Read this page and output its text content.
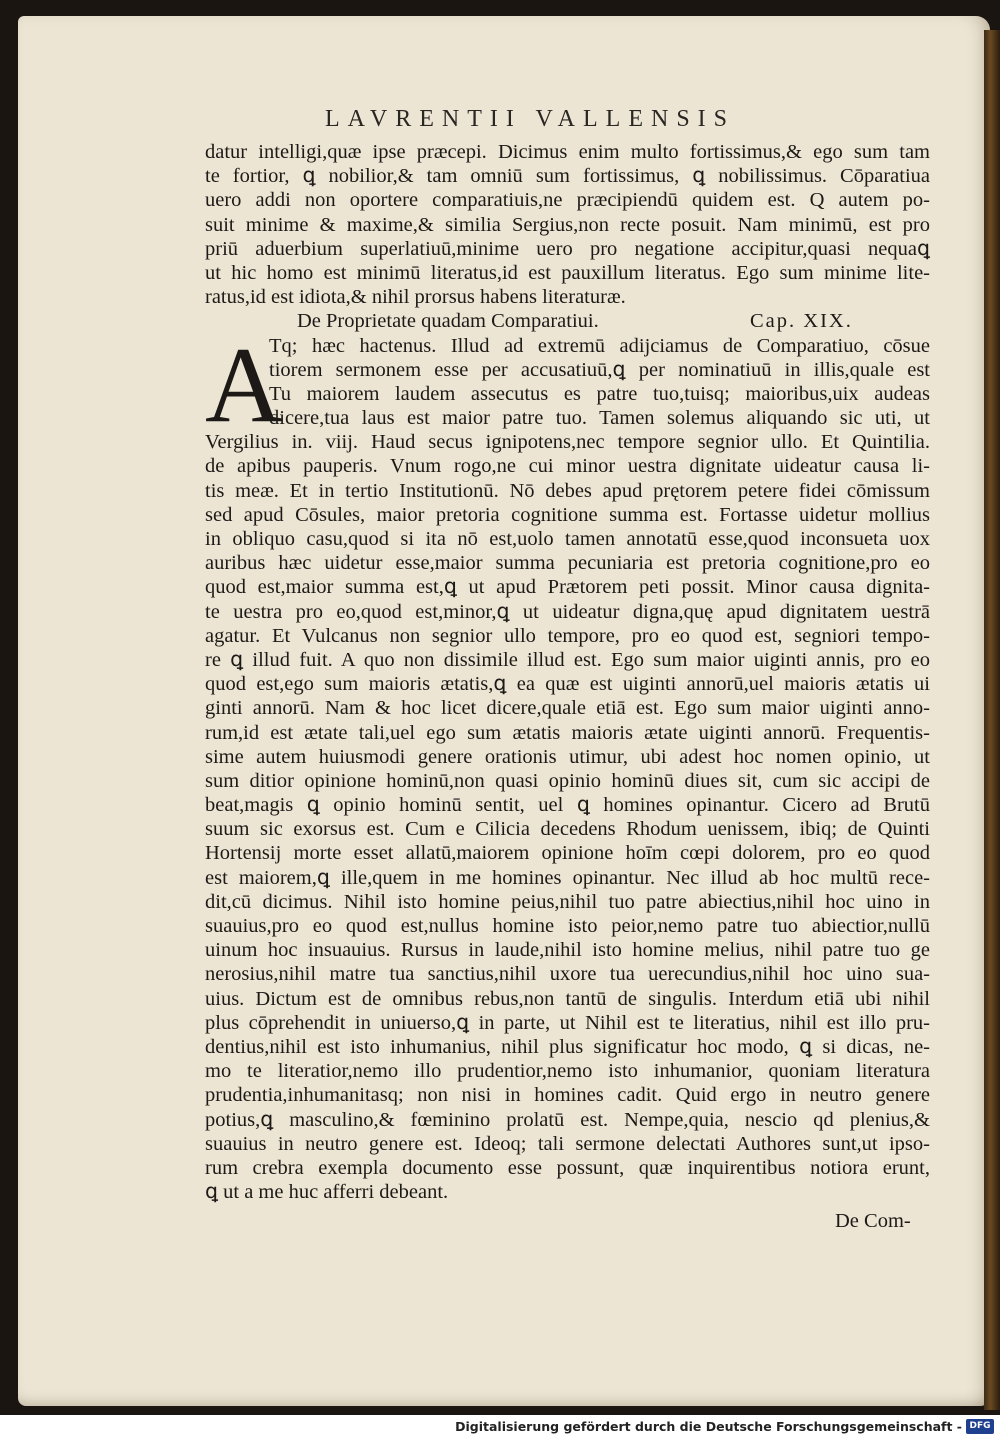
LAVRENTII VALLENSIS
datur intelligi,quæ ipse præcepi. Dicimus enim multo fortissimus,& ego sum tam
te fortior, ꝗ nobilior,& tam omniū sum fortissimus, ꝗ nobilissimus. Cōparatiua
uero addi non oportere comparatiuis,ne præcipiendū quidem est. Q autem po-
suit minime & maxime,& similia Sergius,non recte posuit. Nam minimū, est pro
priū aduerbium superlatiuū,minime uero pro negatione accipitur,quasi nequaꝗ
ut hic homo est minimū literatus,id est pauxillum literatus. Ego sum minime lite-
ratus,id est idiota,& nihil prorsus habens literaturæ.
De Proprietate quadam Comparatiui.	Cap. XIX.
A
Tq; hæc hactenus. Illud ad extremū adijciamus de Comparatiuo, cōsue
tiorem sermonem esse per accusatiuū,ꝗ per nominatiuū in illis,quale est
Tu maiorem laudem assecutus es patre tuo,tuisq; maioribus,uix audeas
dicere,tua laus est maior patre tuo. Tamen solemus aliquando sic uti, ut
Vergilius in. viij. Haud secus ignipotens,nec tempore segnior ullo. Et Quintilia.
de apibus pauperis. Vnum rogo,ne cui minor uestra dignitate uideatur causa li-
tis meæ. Et in tertio Institutionū. Nō debes apud prętorem petere fidei cōmissum
sed apud Cōsules, maior pretoria cognitione summa est. Fortasse uidetur mollius
in obliquo casu,quod si ita nō est,uolo tamen annotatū esse,quod inconsueta uox
auribus hæc uidetur esse,maior summa pecuniaria est pretoria cognitione,pro eo
quod est,maior summa est,ꝗ ut apud Prætorem peti possit. Minor causa dignita-
te uestra pro eo,quod est,minor,ꝗ ut uideatur digna,quę apud dignitatem uestrā
agatur. Et Vulcanus non segnior ullo tempore, pro eo quod est, segniori tempo-
re ꝗ illud fuit. A quo non dissimile illud est. Ego sum maior uiginti annis, pro eo
quod est,ego sum maioris ætatis,ꝗ ea quæ est uiginti annorū,uel maioris ætatis ui
ginti annorū. Nam & hoc licet dicere,quale etiā est. Ego sum maior uiginti anno-
rum,id est ætate tali,uel ego sum ætatis maioris ætate uiginti annorū. Frequentis-
sime autem huiusmodi genere orationis utimur, ubi adest hoc nomen opinio, ut
sum ditior opinione hominū,non quasi opinio hominū diues sit, cum sic accipi de
beat,magis ꝗ opinio hominū sentit, uel ꝗ homines opinantur. Cicero ad Brutū
suum sic exorsus est. Cum e Cilicia decedens Rhodum uenissem, ibiq; de Quinti
Hortensij morte esset allatū,maiorem opinione hoīm cœpi dolorem, pro eo quod
est maiorem,ꝗ ille,quem in me homines opinantur. Nec illud ab hoc multū rece-
dit,cū dicimus. Nihil isto homine peius,nihil tuo patre abiectius,nihil hoc uino in
suauius,pro eo quod est,nullus homine isto peior,nemo patre tuo abiectior,nullū
uinum hoc insuauius. Rursus in laude,nihil isto homine melius, nihil patre tuo ge
nerosius,nihil matre tua sanctius,nihil uxore tua uerecundius,nihil hoc uino sua-
uius. Dictum est de omnibus rebus,non tantū de singulis. Interdum etiā ubi nihil
plus cōprehendit in uniuerso,ꝗ in parte, ut Nihil est te literatius, nihil est illo pru-
dentius,nihil est isto inhumanius, nihil plus significatur hoc modo, ꝗ si dicas, ne-
mo te literatior,nemo illo prudentior,nemo isto inhumanior, quoniam literatura
prudentia,inhumanitasq; non nisi in homines cadit. Quid ergo in neutro genere
potius,ꝗ masculino,& fœminino prolatū est. Nempe,quia, nescio qd plenius,&
suauius in neutro genere est. Ideoq; tali sermone delectati Authores sunt,ut ipso-
rum crebra exempla documento esse possunt, quæ inquirentibus notiora erunt,
ꝗ ut a me huc afferri debeant.
De Com-
Digitalisierung gefördert durch die Deutsche Forschungsgemeinschaft - DFG
